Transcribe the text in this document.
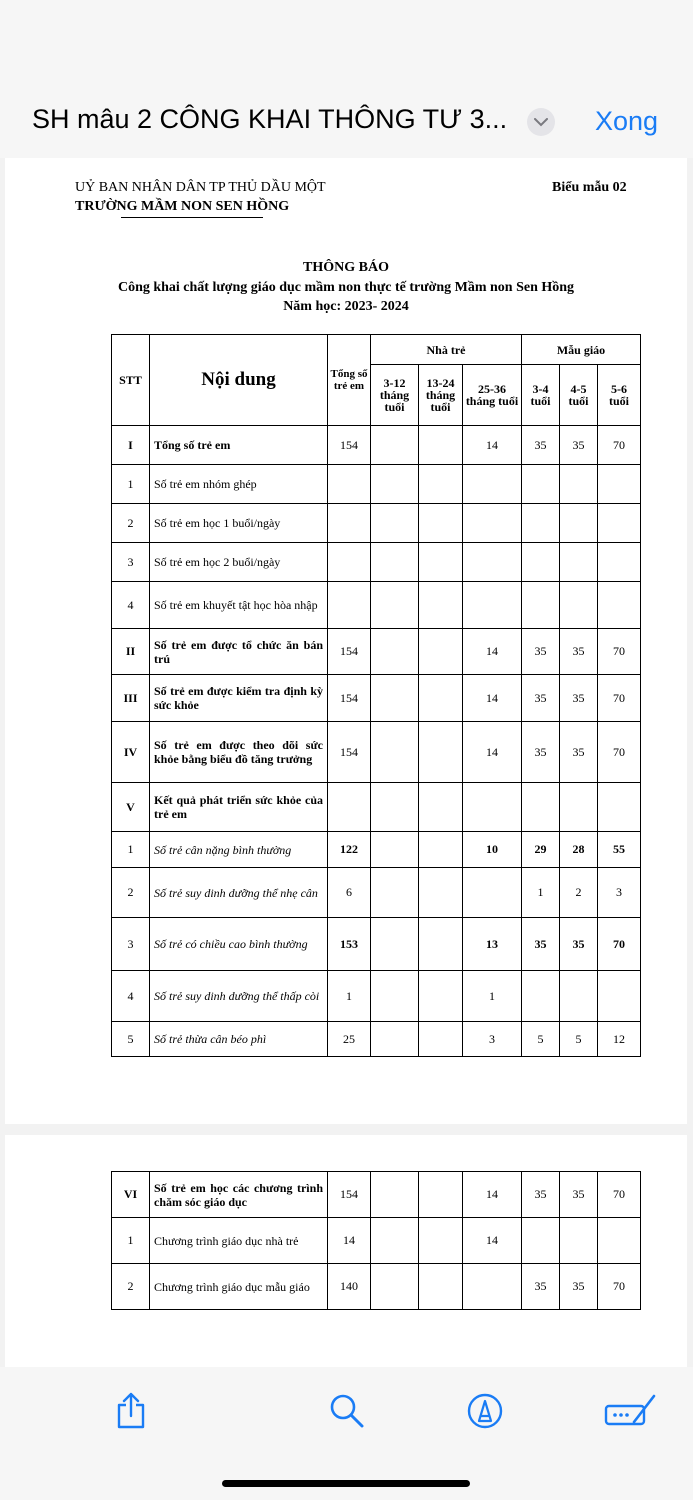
SH mâu 2 CÔNG KHAI THÔNG TƯ 3...	Xong
UỶ BAN NHÂN DÂN TP THỦ DẦU MỘT
TRƯỜNG MẦM NON SEN HỒNG
Biểu mẫu 02
THÔNG BÁO
Công khai chất lượng giáo dục mầm non thực tế trường Mầm non Sen Hồng
Năm học: 2023- 2024
STT	Nội dung	Tổng số trẻ em	Nhà trẻ			Mẫu giáo		
			3-12 tháng tuổi	13-24 tháng tuổi	25-36 tháng tuổi	3-4 tuổi	4-5 tuổi	5-6 tuổi
I	Tổng số trẻ em	154			14	35	35	70
1	Số trẻ em nhóm ghép							
2	Số trẻ em học 1 buổi/ngày							
3	Số trẻ em học 2 buổi/ngày							
4	Số trẻ em khuyết tật học hòa nhập							
II	Số trẻ em được tổ chức ăn bán trú	154			14	35	35	70
III	Số trẻ em được kiểm tra định kỳ sức khỏe	154			14	35	35	70
IV	Số trẻ em được theo dõi sức khỏe bằng biểu đồ tăng trưởng	154			14	35	35	70
V	Kết quả phát triển sức khỏe của trẻ em							
1	Số trẻ cân nặng bình thường	122			10	29	28	55
2	Số trẻ suy dinh dưỡng thể nhẹ cân	6				1	2	3
3	Số trẻ có chiều cao bình thường	153			13	35	35	70
4	Số trẻ suy dinh dưỡng thể thấp còi	1			1			
5	Số trẻ thừa cân béo phì	25			3	5	5	12
VI	Số trẻ em học các chương trình chăm sóc giáo dục	154			14	35	35	70
1	Chương trình giáo dục nhà trẻ	14			14			
2	Chương trình giáo dục mẫu giáo	140				35	35	70
